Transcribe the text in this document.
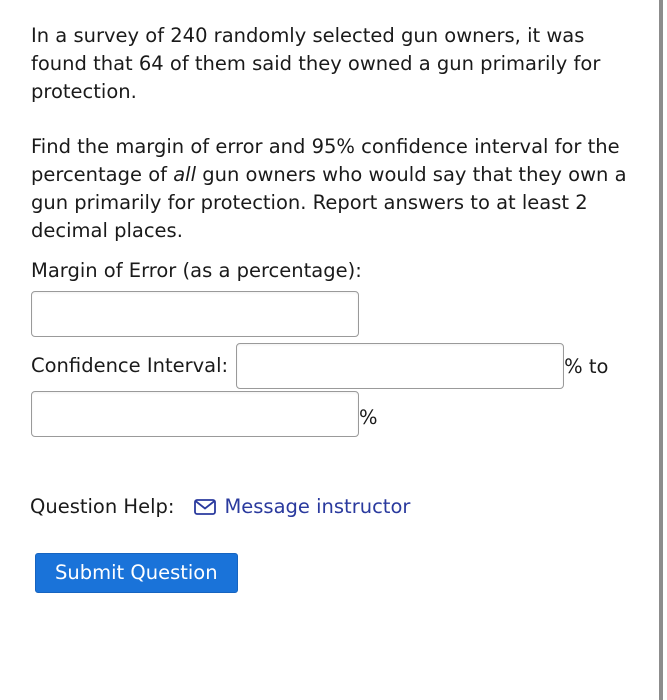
In a survey of 240 randomly selected gun owners, it was found that 64 of them said they owned a gun primarily for protection.

Find the margin of error and 95% confidence interval for the percentage of all gun owners who would say that they own a gun primarily for protection. Report answers to at least 2 decimal places.

Margin of Error (as a percentage):
Confidence Interval:	% to
%
Question Help:	Message instructor
Submit Question
